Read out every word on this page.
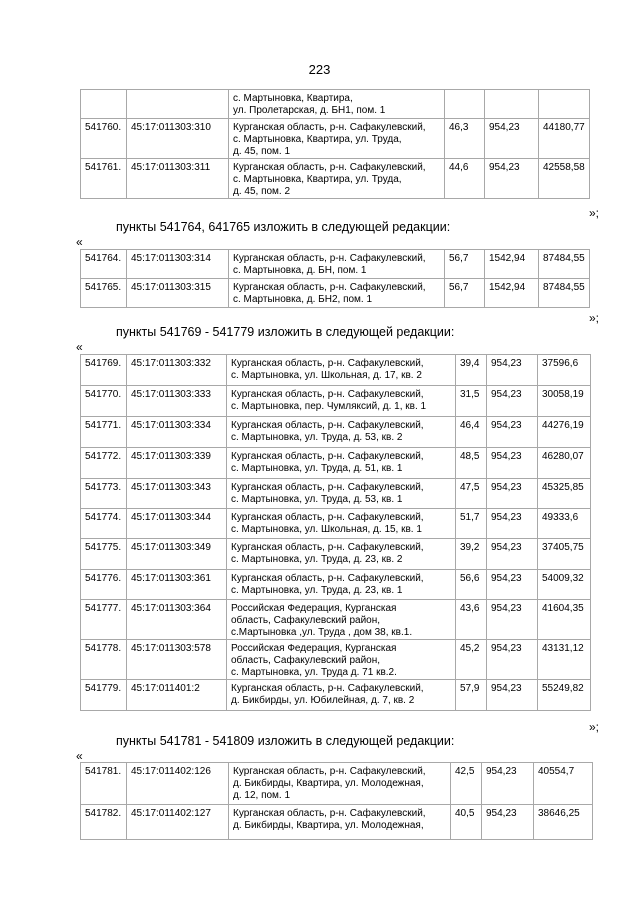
223

		с. Мартыновка, Квартира,
ул. Пролетарская, д. БН1, пом. 1			

541760.	45:17:011303:310	Курганская область, р-н. Сафакулевский,
с. Мартыновка, Квартира, ул. Труда,
д. 45, пом. 1	46,3	954,23	44180,77
541761.	45:17:011303:311	Курганская область, р-н. Сафакулевский,
с. Мартыновка, Квартира, ул. Труда,
д. 45, пом. 2	44,6	954,23	42558,58
»;
пункты 541764, 641765 изложить в следующей редакции:
«
541764.	45:17:011303:314	Курганская область, р-н. Сафакулевский,
с. Мартыновка, д. БН, пом. 1	56,7	1542,94	87484,55
541765.	45:17:011303:315	Курганская область, р-н. Сафакулевский,
с. Мартыновка, д. БН2, пом. 1	56,7	1542,94	87484,55
»;
пункты 541769 - 541779 изложить в следующей редакции:
«
541769.	45:17:011303:332	Курганская область, р-н. Сафакулевский,
с. Мартыновка, ул. Школьная, д. 17, кв. 2	39,4	954,23	37596,6
541770.	45:17:011303:333	Курганская область, р-н. Сафакулевский,
с. Мартыновка, пер. Чумляксий, д. 1, кв. 1	31,5	954,23	30058,19
541771.	45:17:011303:334	Курганская область, р-н. Сафакулевский,
с. Мартыновка, ул. Труда, д. 53, кв. 2	46,4	954,23	44276,19
541772.	45:17:011303:339	Курганская область, р-н. Сафакулевский,
с. Мартыновка, ул. Труда, д. 51, кв. 1	48,5	954,23	46280,07
541773.	45:17:011303:343	Курганская область, р-н. Сафакулевский,
с. Мартыновка, ул. Труда, д. 53, кв. 1	47,5	954,23	45325,85
541774.	45:17:011303:344	Курганская область, р-н. Сафакулевский,
с. Мартыновка, ул. Школьная, д. 15, кв. 1	51,7	954,23	49333,6
541775.	45:17:011303:349	Курганская область, р-н. Сафакулевский,
с. Мартыновка, ул. Труда, д. 23, кв. 2	39,2	954,23	37405,75
541776.	45:17:011303:361	Курганская область, р-н. Сафакулевский,
с. Мартыновка, ул. Труда, д. 23, кв. 1	56,6	954,23	54009,32
541777.	45:17:011303:364	Российская Федерация, Курганская
область, Сафакулевский район,
с.Мартыновка ,ул. Труда , дом 38, кв.1.	43,6	954,23	41604,35
541778.	45:17:011303:578	Российская Федерация, Курганская
область, Сафакулевский район,
с. Мартыновка, ул. Труда д. 71 кв.2.	45,2	954,23	43131,12
541779.	45:17:011401:2	Курганская область, р-н. Сафакулевский,
д. Бикбирды, ул. Юбилейная, д. 7, кв. 2	57,9	954,23	55249,82
»;
пункты 541781 - 541809 изложить в следующей редакции:
«
541781.	45:17:011402:126	Курганская область, р-н. Сафакулевский,
д. Бикбирды, Квартира, ул. Молодежная,
д. 12, пом. 1	42,5	954,23	40554,7
541782.	45:17:011402:127	Курганская область, р-н. Сафакулевский,
д. Бикбирды, Квартира, ул. Молодежная,	40,5	954,23	38646,25
